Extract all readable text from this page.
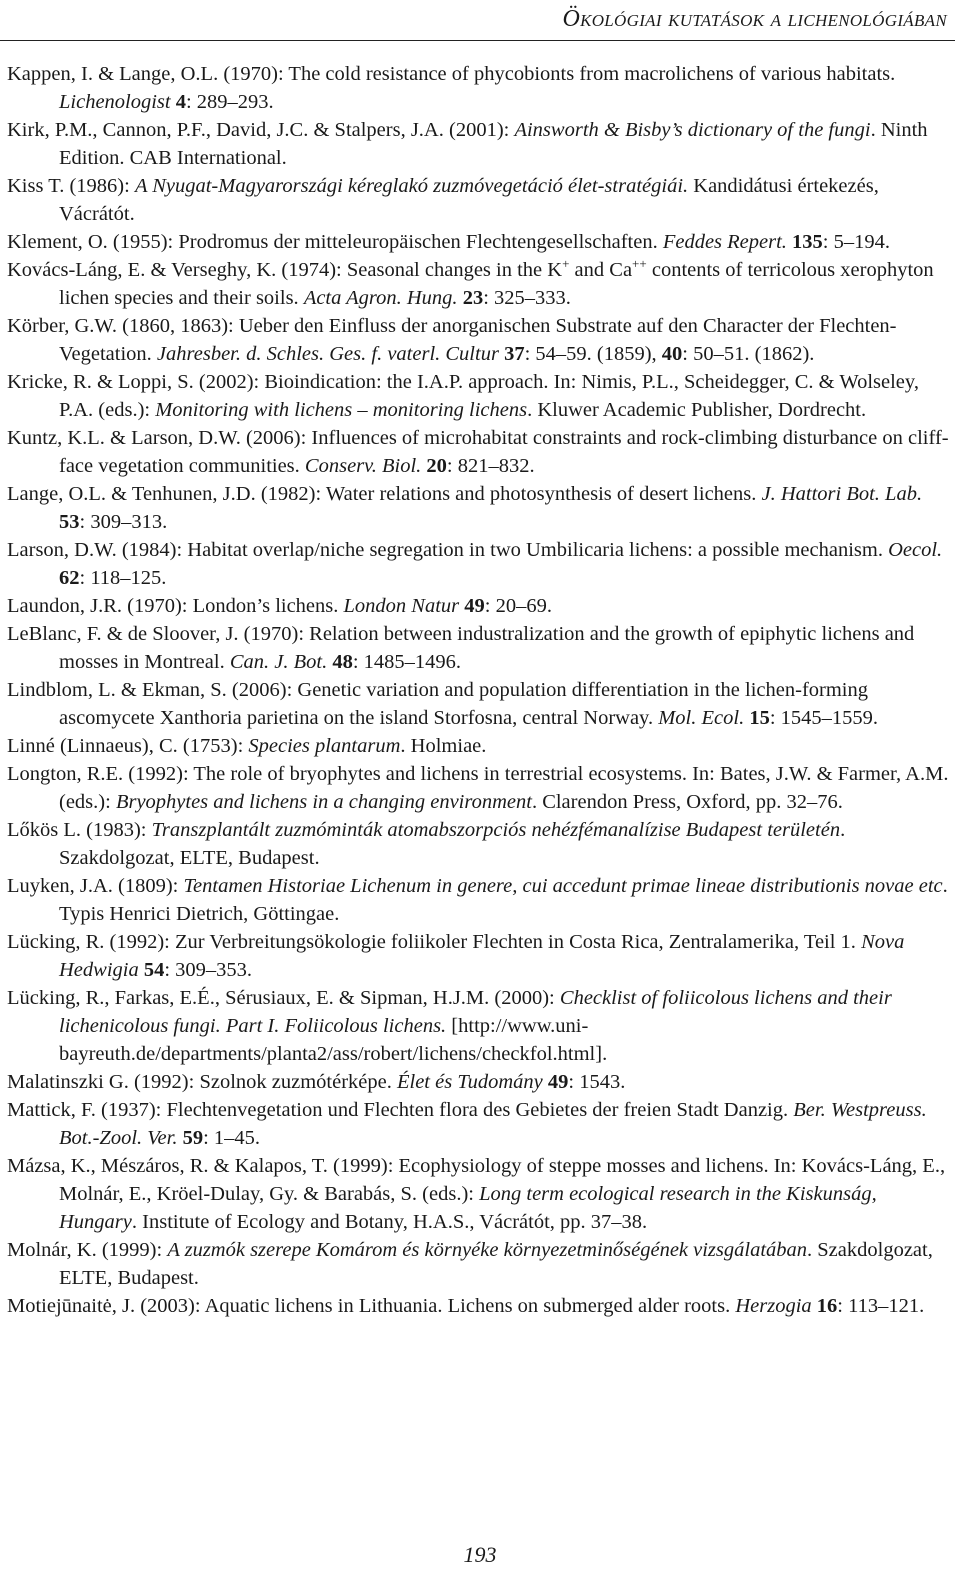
Ökológiai kutatások a lichenológiában
Kappen, I. & Lange, O.L. (1970): The cold resistance of phycobionts from macrolichens of various habitats. Lichenologist 4: 289–293.
Kirk, P.M., Cannon, P.F., David, J.C. & Stalpers, J.A. (2001): Ainsworth & Bisby’s dictionary of the fungi. Ninth Edition. CAB International.
Kiss T. (1986): A Nyugat-Magyarországi kéreglakó zuzmóvegetáció élet-stratégiái. Kandidátusi értekezés, Vácrátót.
Klement, O. (1955): Prodromus der mitteleuropäischen Flechtengesellschaften. Feddes Repert. 135: 5–194.
Kovács-Láng, E. & Verseghy, K. (1974): Seasonal changes in the K+ and Ca++ contents of terricolous xerophyton lichen species and their soils. Acta Agron. Hung. 23: 325–333.
Körber, G.W. (1860, 1863): Ueber den Einfluss der anorganischen Substrate auf den Character der Flechten-Vegetation. Jahresber. d. Schles. Ges. f. vaterl. Cultur 37: 54–59. (1859), 40: 50–51. (1862).
Kricke, R. & Loppi, S. (2002): Bioindication: the I.A.P. approach. In: Nimis, P.L., Scheidegger, C. & Wolseley, P.A. (eds.): Monitoring with lichens – monitoring lichens. Kluwer Academic Publisher, Dordrecht.
Kuntz, K.L. & Larson, D.W. (2006): Influences of microhabitat constraints and rock-climbing disturbance on cliff-face vegetation communities. Conserv. Biol. 20: 821–832.
Lange, O.L. & Tenhunen, J.D. (1982): Water relations and photosynthesis of desert lichens. J. Hattori Bot. Lab. 53: 309–313.
Larson, D.W. (1984): Habitat overlap/niche segregation in two Umbilicaria lichens: a possible mechanism. Oecol. 62: 118–125.
Laundon, J.R. (1970): London’s lichens. London Natur 49: 20–69.
LeBlanc, F. & de Sloover, J. (1970): Relation between industralization and the growth of epiphytic lichens and mosses in Montreal. Can. J. Bot. 48: 1485–1496.
Lindblom, L. & Ekman, S. (2006): Genetic variation and population differentiation in the lichen-forming ascomycete Xanthoria parietina on the island Storfosna, central Norway. Mol. Ecol. 15: 1545–1559.
Linné (Linnaeus), C. (1753): Species plantarum. Holmiae.
Longton, R.E. (1992): The role of bryophytes and lichens in terrestrial ecosystems. In: Bates, J.W. & Farmer, A.M. (eds.): Bryophytes and lichens in a changing environment. Clarendon Press, Oxford, pp. 32–76.
Lőkös L. (1983): Transzplantált zuzmóminták atomabszorpciós nehézfémanalízise Budapest területén. Szakdolgozat, ELTE, Budapest.
Luyken, J.A. (1809): Tentamen Historiae Lichenum in genere, cui accedunt primae lineae distributionis novae etc. Typis Henrici Dietrich, Göttingae.
Lücking, R. (1992): Zur Verbreitungsökologie foliikoler Flechten in Costa Rica, Zentralamerika, Teil 1. Nova Hedwigia 54: 309–353.
Lücking, R., Farkas, E.É., Sérusiaux, E. & Sipman, H.J.M. (2000): Checklist of foliicolous lichens and their lichenicolous fungi. Part I. Foliicolous lichens. [http://www.uni-bayreuth.de/departments/planta2/ass/robert/lichens/checkfol.html].
Malatinszki G. (1992): Szolnok zuzmótérképe. Élet és Tudomány 49: 1543.
Mattick, F. (1937): Flechtenvegetation und Flechten flora des Gebietes der freien Stadt Danzig. Ber. Westpreuss. Bot.-Zool. Ver. 59: 1–45.
Mázsa, K., Mészáros, R. & Kalapos, T. (1999): Ecophysiology of steppe mosses and lichens. In: Kovács-Láng, E., Molnár, E., Kröel-Dulay, Gy. & Barabás, S. (eds.): Long term ecological research in the Kiskunság, Hungary. Institute of Ecology and Botany, H.A.S., Vácrátót, pp. 37–38.
Molnár, K. (1999): A zuzmók szerepe Komárom és környéke környezetminőségének vizsgálatában. Szakdolgozat, ELTE, Budapest.
Motiejūnaitė, J. (2003): Aquatic lichens in Lithuania. Lichens on submerged alder roots. Herzogia 16: 113–121.
193
